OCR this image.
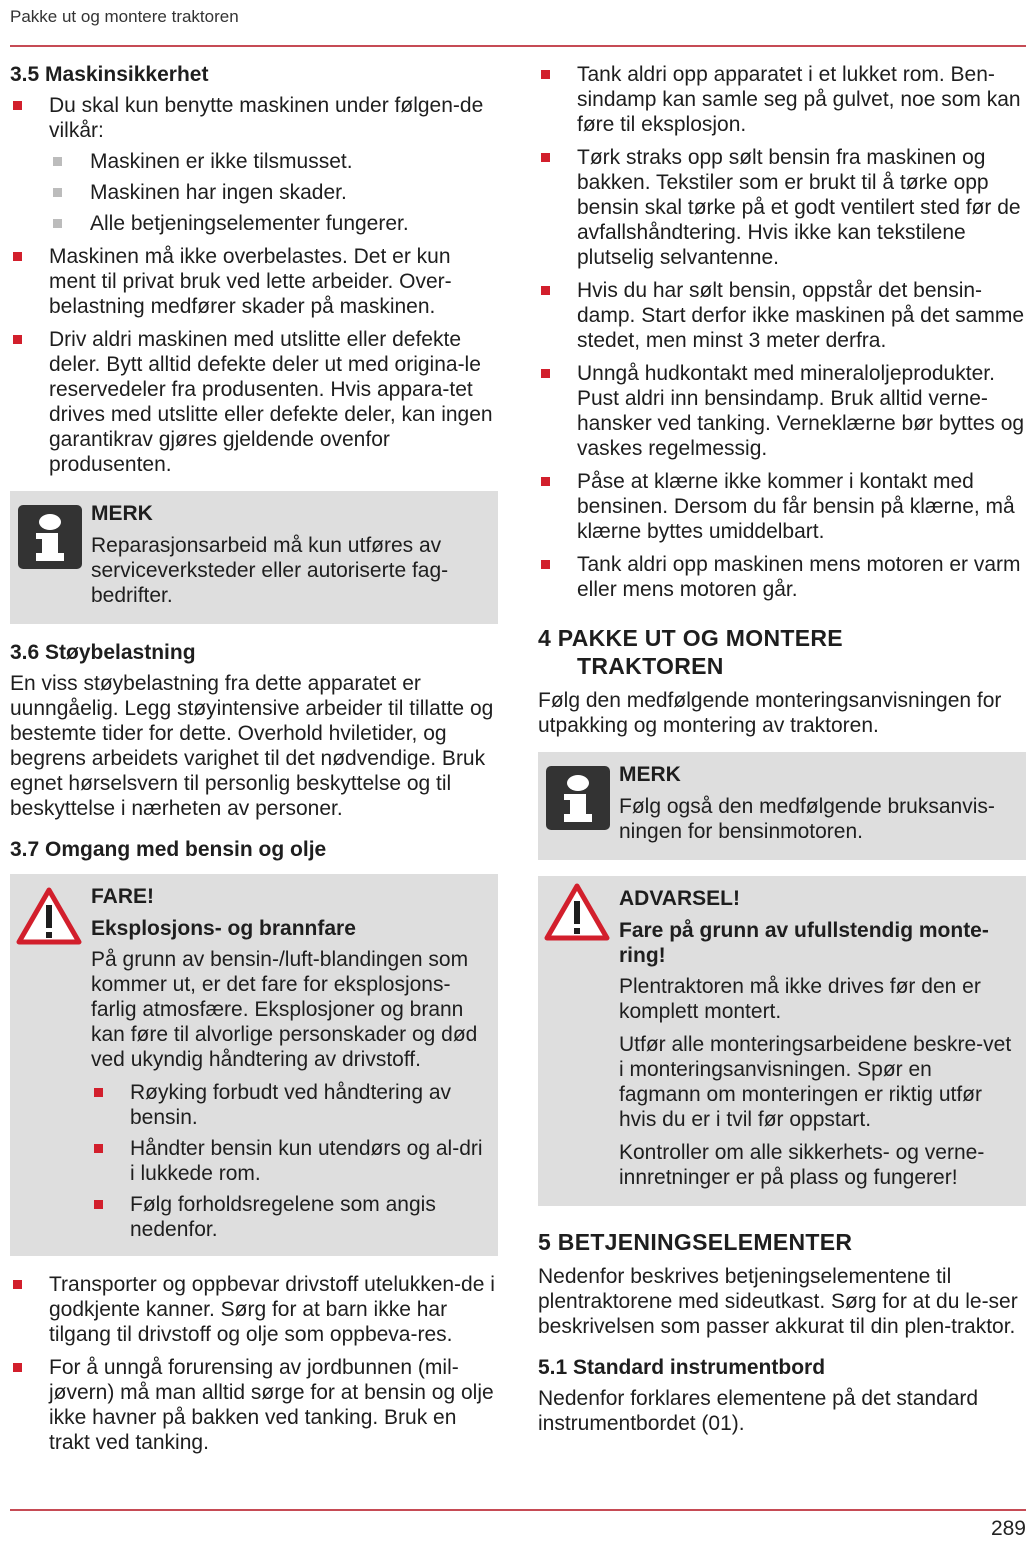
Pakke ut og montere traktoren
3.5 Maskinsikkerhet
Du skal kun benytte maskinen under følgen-de vilkår:
Maskinen er ikke tilsmusset.
Maskinen har ingen skader.
Alle betjeningselementer fungerer.
Maskinen må ikke overbelastes. Det er kun ment til privat bruk ved lette arbeider. Over-belastning medfører skader på maskinen.
Driv aldri maskinen med utslitte eller defekte deler. Bytt alltid defekte deler ut med origina-le reservedeler fra produsenten. Hvis appara-tet drives med utslitte eller defekte deler, kan ingen garantikrav gjøres gjeldende ovenfor produsenten.
MERK

Reparasjonsarbeid må kun utføres av serviceverksteder eller autoriserte fag-bedrifter.

3.6 Støybelastning

En viss støybelastning fra dette apparatet er uunngåelig. Legg støyintensive arbeider til tillatte og bestemte tider for dette. Overhold hviletider, og begrens arbeidets varighet til det nødvendige. Bruk egnet hørselsvern til personlig beskyttelse og til beskyttelse i nærheten av personer.

3.7 Omgang med bensin og olje
FARE!
Eksplosjons- og brannfare

På grunn av bensin-/luft-blandingen som kommer ut, er det fare for eksplosjons-farlig atmosfære. Eksplosjoner og brann kan føre til alvorlige personskader og død ved ukyndig håndtering av drivstoff.

Røyking forbudt ved håndtering av bensin.
Håndter bensin kun utendørs og al-dri i lukkede rom.
Følg forholdsregelene som angis nedenfor.
Transporter og oppbevar drivstoff utelukken-de i godkjente kanner. Sørg for at barn ikke har tilgang til drivstoff og olje som oppbeva-res.
For å unngå forurensing av jordbunnen (mil-jøvern) må man alltid sørge for at bensin og olje ikke havner på bakken ved tanking. Bruk en trakt ved tanking.
Tank aldri opp apparatet i et lukket rom. Ben-sindamp kan samle seg på gulvet, noe som kan føre til eksplosjon.
Tørk straks opp sølt bensin fra maskinen og bakken. Tekstiler som er brukt til å tørke opp bensin skal tørke på et godt ventilert sted før de avfallshåndtering. Hvis ikke kan tekstilene plutselig selvantenne.
Hvis du har sølt bensin, oppstår det bensin-damp. Start derfor ikke maskinen på det samme stedet, men minst 3 meter derfra.
Unngå hudkontakt med mineraloljeprodukter. Pust aldri inn bensindamp. Bruk alltid verne-hansker ved tanking. Verneklærne bør byttes og vaskes regelmessig.
Påse at klærne ikke kommer i kontakt med bensinen. Dersom du får bensin på klærne, må klærne byttes umiddelbart.
Tank aldri opp maskinen mens motoren er varm eller mens motoren går.
4 PAKKE UT OG MONTERE
TRAKTOREN

Følg den medfølgende monteringsanvisningen for utpakking og montering av traktoren.

MERK

Følg også den medfølgende bruksanvis-ningen for bensinmotoren.

ADVARSEL!
Fare på grunn av ufullstendig monte-ring!

Plentraktoren må ikke drives før den er komplett montert.

Utfør alle monteringsarbeidene beskre-vet i monteringsanvisningen. Spør en fagmann om monteringen er riktig utfør hvis du er i tvil før oppstart.

Kontroller om alle sikkerhets- og verne-innretninger er på plass og fungerer!

5 BETJENINGSELEMENTER

Nedenfor beskrives betjeningselementene til plentraktorene med sideutkast. Sørg for at du le-ser beskrivelsen som passer akkurat til din plen-traktor.

5.1 Standard instrumentbord

Nedenfor forklares elementene på det standard instrumentbordet (01).

289
